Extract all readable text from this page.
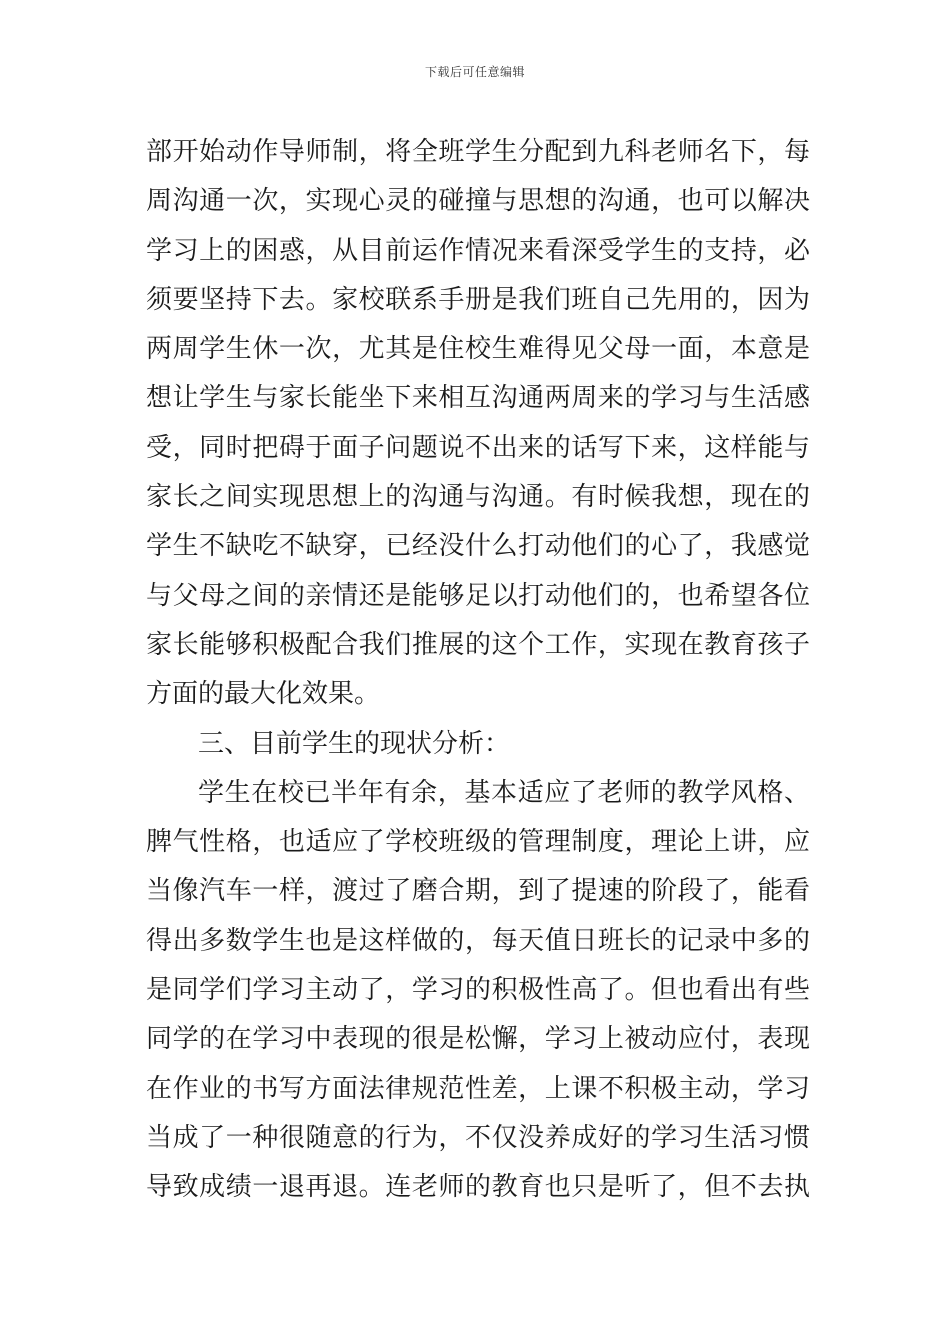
下载后可任意编辑
部开始动作导师制，将全班学生分配到九科老师名下，每
周沟通一次，实现心灵的碰撞与思想的沟通，也可以解决
学习上的困惑，从目前运作情况来看深受学生的支持，必
须要坚持下去。家校联系手册是我们班自己先用的，因为
两周学生休一次，尤其是住校生难得见父母一面，本意是
想让学生与家长能坐下来相互沟通两周来的学习与生活感
受，同时把碍于面子问题说不出来的话写下来，这样能与
家长之间实现思想上的沟通与沟通。有时候我想，现在的
学生不缺吃不缺穿，已经没什么打动他们的心了，我感觉
与父母之间的亲情还是能够足以打动他们的，也希望各位
家长能够积极配合我们推展的这个工作，实现在教育孩子
方面的最大化效果。
三、目前学生的现状分析：
学生在校已半年有余，基本适应了老师的教学风格、
脾气性格，也适应了学校班级的管理制度，理论上讲，应
当像汽车一样，渡过了磨合期，到了提速的阶段了，能看
得出多数学生也是这样做的，每天值日班长的记录中多的
是同学们学习主动了，学习的积极性高了。但也看出有些
同学的在学习中表现的很是松懈，学习上被动应付，表现
在作业的书写方面法律规范性差，上课不积极主动，学习
当成了一种很随意的行为，不仅没养成好的学习生活习惯
导致成绩一退再退。连老师的教育也只是听了，但不去执
